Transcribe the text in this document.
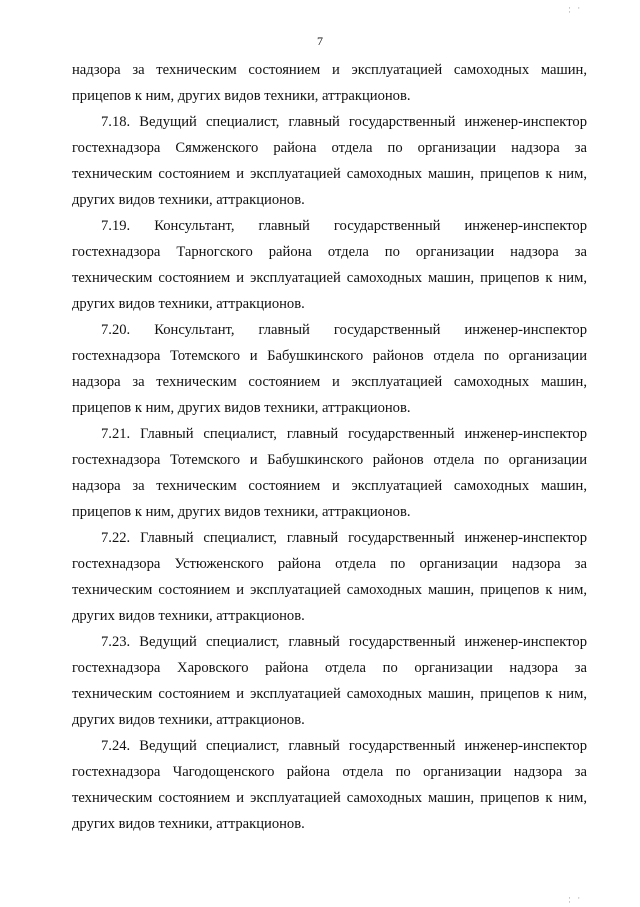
7

надзора за техническим состоянием и эксплуатацией самоходных машин,
прицепов к ним, других видов техники, аттракционов.

7.18. Ведущий специалист, главный государственный инженер-инспектор
гостехнадзора Сямженского района отдела по организации надзора за
техническим состоянием и эксплуатацией самоходных машин, прицепов к ним,
других видов техники, аттракционов.

7.19. Консультант, главный государственный инженер-инспектор
гостехнадзора Тарногского района отдела по организации надзора за
техническим состоянием и эксплуатацией самоходных машин, прицепов к ним,
других видов техники, аттракционов.

7.20. Консультант, главный государственный инженер-инспектор
гостехнадзора Тотемского и Бабушкинского районов отдела по организации
надзора за техническим состоянием и эксплуатацией самоходных машин,
прицепов к ним, других видов техники, аттракционов.

7.21. Главный специалист, главный государственный инженер-инспектор
гостехнадзора Тотемского и Бабушкинского районов отдела по организации
надзора за техническим состоянием и эксплуатацией самоходных машин,
прицепов к ним, других видов техники, аттракционов.

7.22. Главный специалист, главный государственный инженер-инспектор
гостехнадзора Устюженского района отдела по организации надзора за
техническим состоянием и эксплуатацией самоходных машин, прицепов к ним,
других видов техники, аттракционов.

7.23. Ведущий специалист, главный государственный инженер-инспектор
гостехнадзора Харовского района отдела по организации надзора за
техническим состоянием и эксплуатацией самоходных машин, прицепов к ним,
других видов техники, аттракционов.

7.24. Ведущий специалист, главный государственный инженер-инспектор
гостехнадзора Чагодощенского района отдела по организации надзора за
техническим состоянием и эксплуатацией самоходных машин, прицепов к ним,
других видов техники, аттракционов.

· · ·
· · ·
